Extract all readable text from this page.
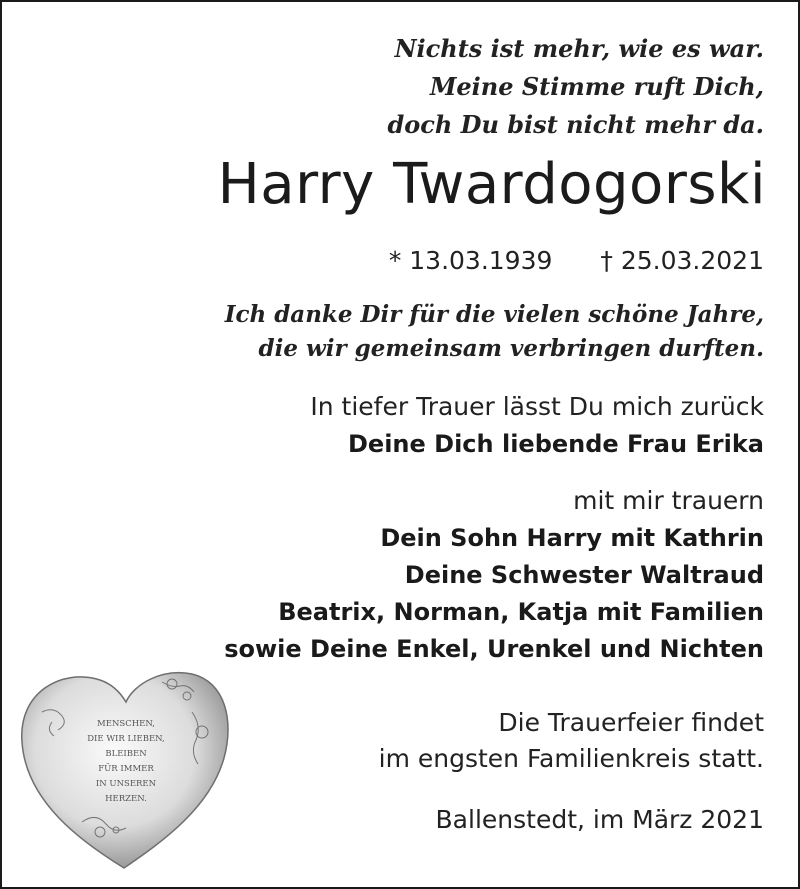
Nichts ist mehr, wie es war.
Meine Stimme ruft Dich,
doch Du bist nicht mehr da.
Harry Twardogorski
* 13.03.1939 † 25.03.2021
Ich danke Dir für die vielen schöne Jahre,
die wir gemeinsam verbringen durften.
In tiefer Trauer lässt Du mich zurück
Deine Dich liebende Frau Erika
mit mir trauern
Dein Sohn Harry mit Kathrin
Deine Schwester Waltraud
Beatrix, Norman, Katja mit Familien
sowie Deine Enkel, Urenkel und Nichten
Die Trauerfeier findet
im engsten Familienkreis statt.
Ballenstedt, im März 2021
MENSCHEN,
DIE WIR LIEBEN,
BLEIBEN
FÜR IMMER
IN UNSEREN
HERZEN.
